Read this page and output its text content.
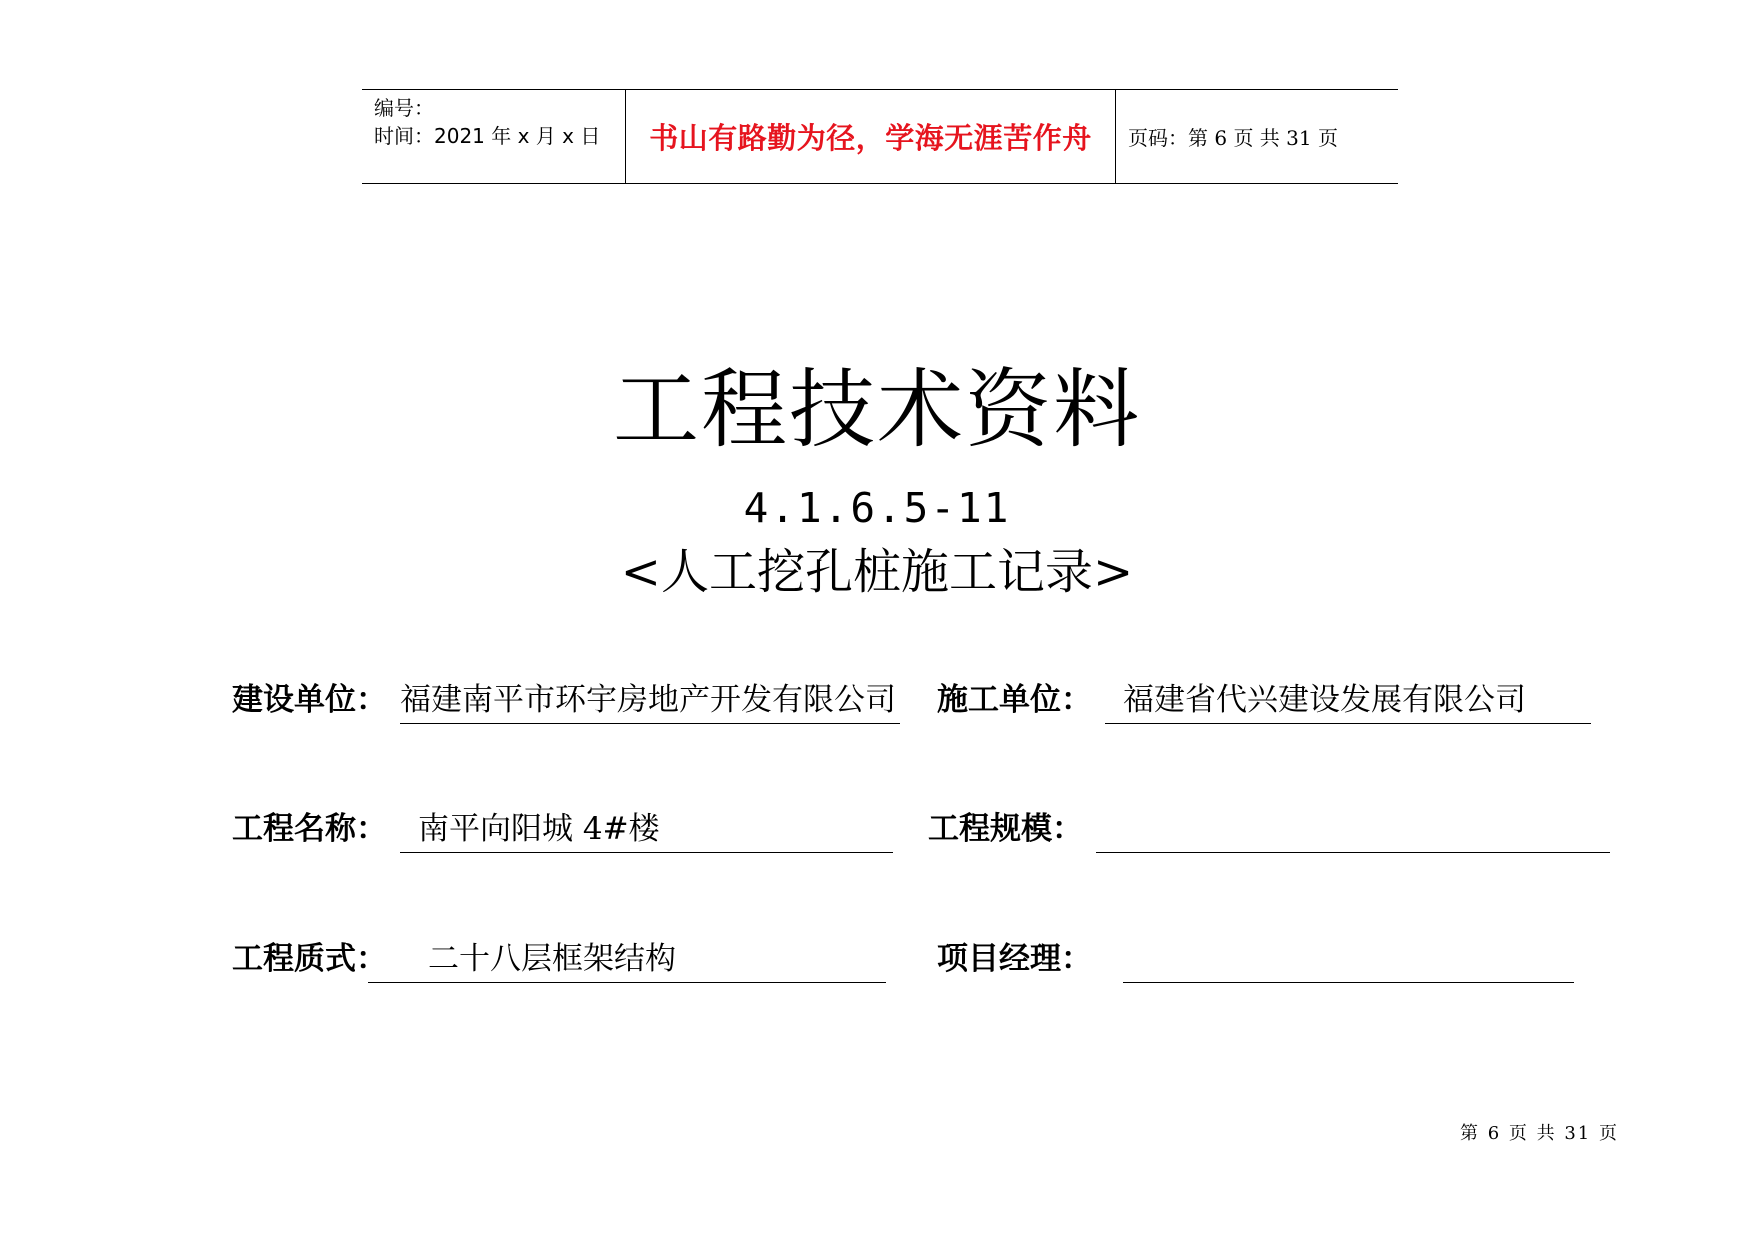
编号：
时间：2021 年 x 月 x 日	书山有路勤为径，学海无涯苦作舟 页码：第 6 页 共 31 页
工程技术资料
4.1.6.5-11
<人工挖孔桩施工记录>
建设单位： 福建南平市环宇房地产开发有限公司 施工单位： 福建省代兴建设发展有限公司
工程名称： 南平向阳城 4#楼	工程规模：
工程质式： 二十八层框架结构	项目经理：
第 6 页 共 31 页
